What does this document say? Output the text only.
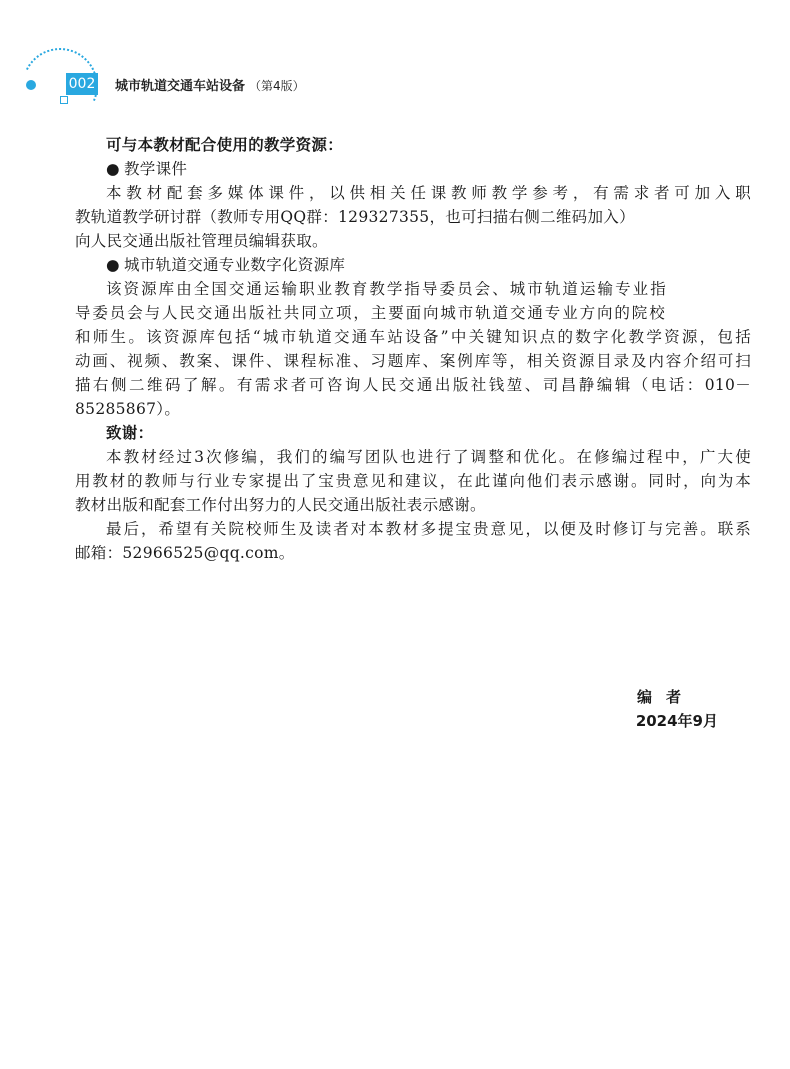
002 城市轨道交通车站设备 （第4版）
可与本教材配合使用的教学资源：
● 教学课件
本教材配套多媒体课件，以供相关任课教师教学参考，有需求者可加入职
教轨道教学研讨群（教师专用QQ群：129327355，也可扫描右侧二维码加入）
向人民交通出版社管理员编辑获取。
● 城市轨道交通专业数字化资源库
该资源库由全国交通运输职业教育教学指导委员会、城市轨道运输专业指
导委员会与人民交通出版社共同立项，主要面向城市轨道交通专业方向的院校
和师生。该资源库包括“城市轨道交通车站设备”中关键知识点的数字化教学资源，包括
动画、视频、教案、课件、课程标准、习题库、案例库等，相关资源目录及内容介绍可扫
描右侧二维码了解。有需求者可咨询人民交通出版社钱堃、司昌静编辑（电话：010－
85285867）。
致谢：
本教材经过3次修编，我们的编写团队也进行了调整和优化。在修编过程中，广大使
用教材的教师与行业专家提出了宝贵意见和建议，在此谨向他们表示感谢。同时，向为本
教材出版和配套工作付出努力的人民交通出版社表示感谢。
最后，希望有关院校师生及读者对本教材多提宝贵意见，以便及时修订与完善。联系
邮箱：52966525@qq.com。
编者
2024年9月
